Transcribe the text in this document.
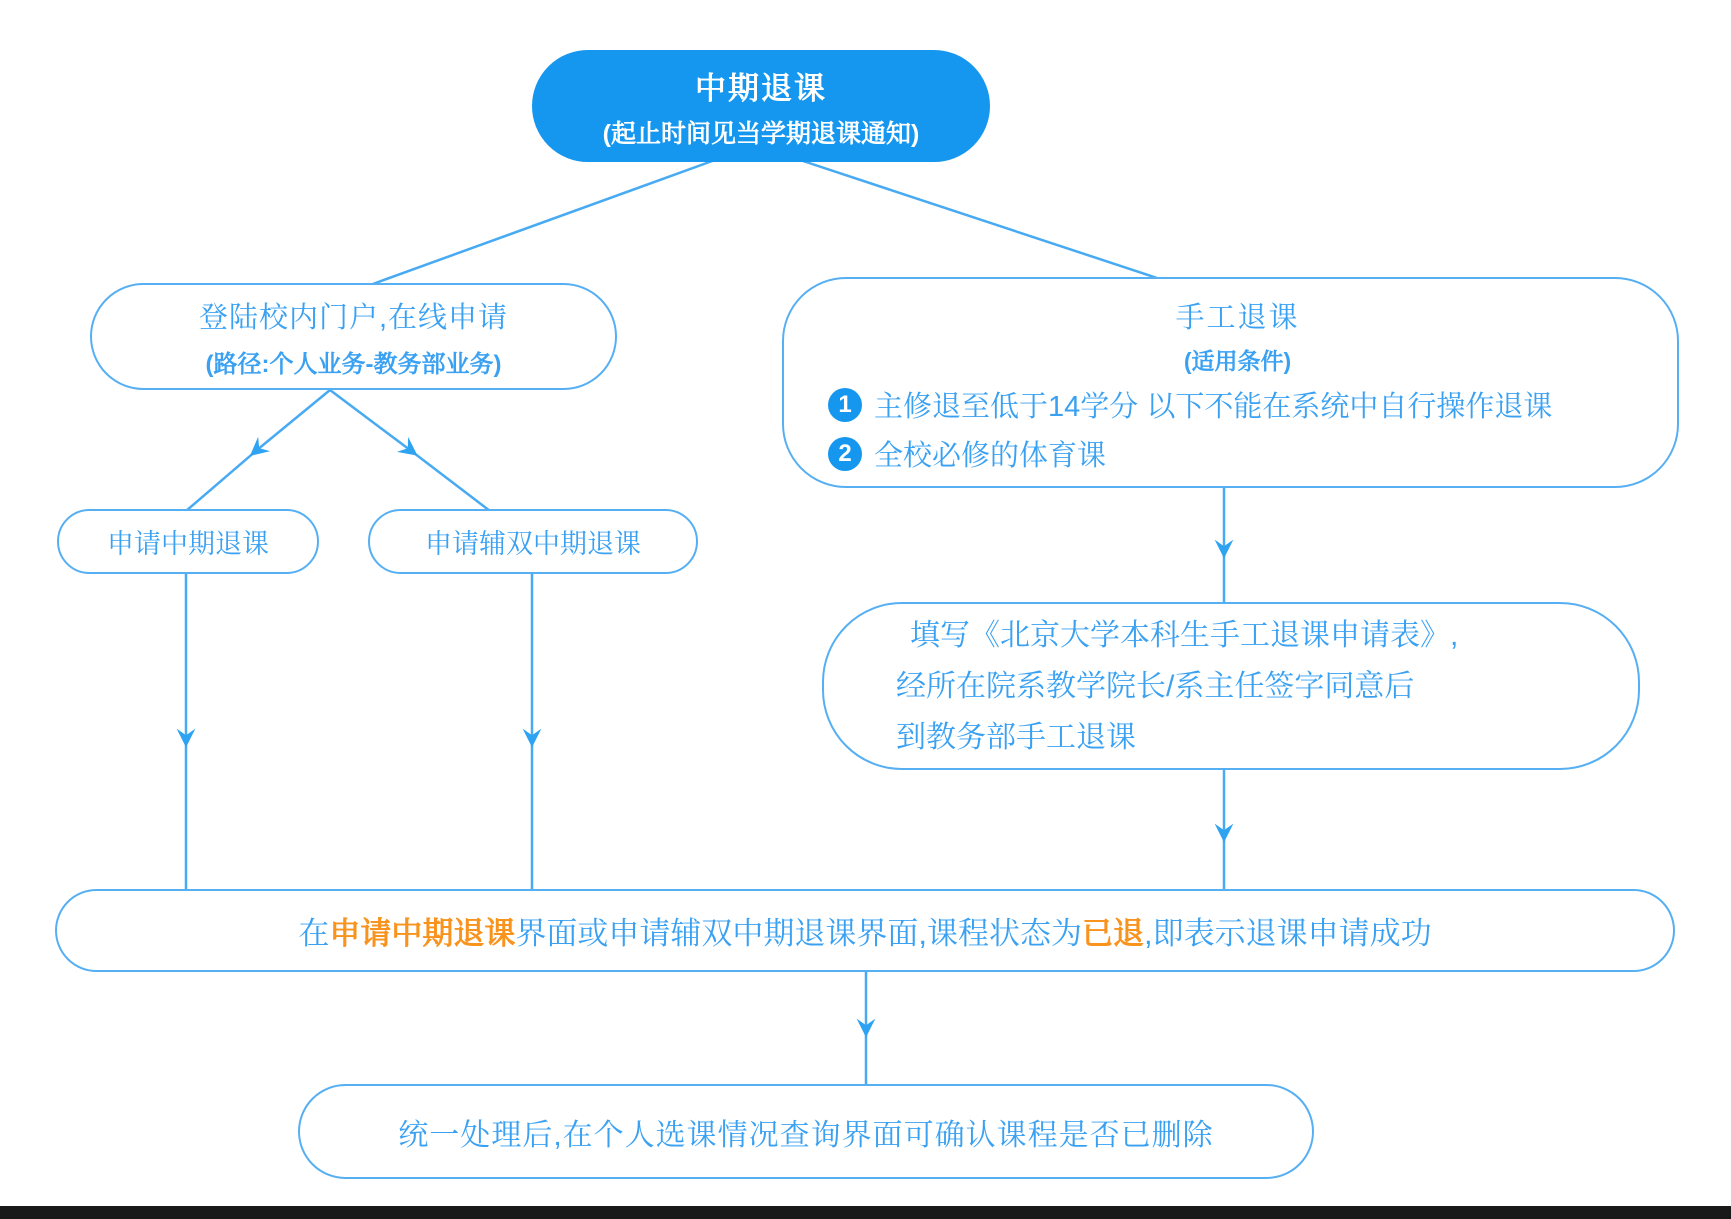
中期退课
(起止时间见当学期退课通知)
登陆校内门户,在线申请
(路径:个人业务-教务部业务)
手工退课
(适用条件)
1 主修退至低于14学分 以下不能在系统中自行操作退课
2 全校必修的体育课
申请中期退课	申请辅双中期退课
填写《北京大学本科生手工退课申请表》,
经所在院系教学院长/系主任签字同意后
到教务部手工退课
在 申请中期退课 界面或申请辅双中期退课界面,课程状态为 已退 ,即表示退课申请成功
统一处理后,在个人选课情况查询界面可确认课程是否已删除
